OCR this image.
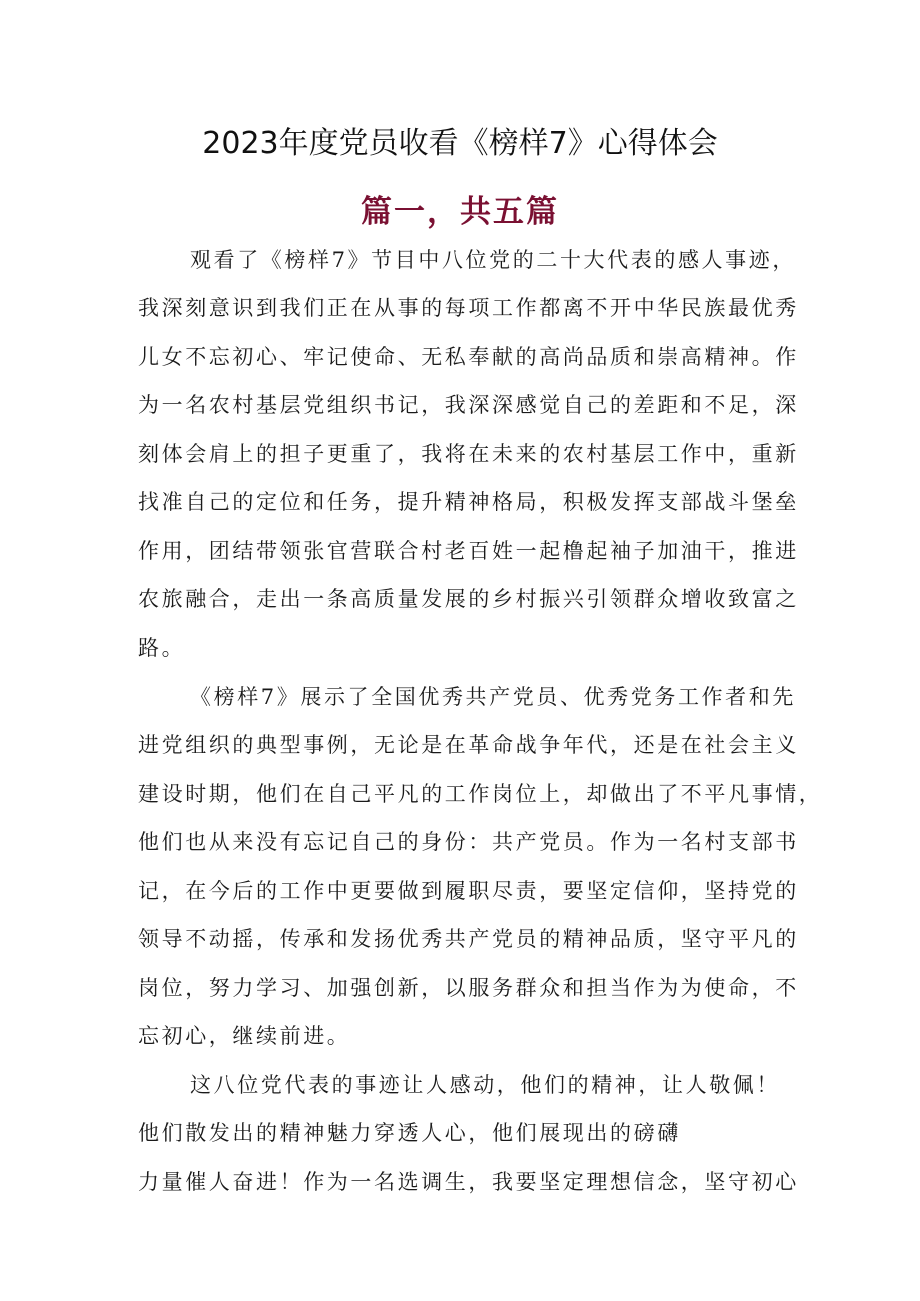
2023年度党员收看《榜样7》心得体会
篇一，共五篇

观看了《榜样7》节目中八位党的二十大代表的感人事迹，

我深刻意识到我们正在从事的每项工作都离不开中华民族最优秀

儿女不忘初心、牢记使命、无私奉献的高尚品质和崇高精神。作

为一名农村基层党组织书记，我深深感觉自己的差距和不足，深

刻体会肩上的担子更重了，我将在未来的农村基层工作中，重新

找准自己的定位和任务，提升精神格局，积极发挥支部战斗堡垒

作用，团结带领张官营联合村老百姓一起橹起袖子加油干，推进

农旅融合，走出一条高质量发展的乡村振兴引领群众增收致富之

路。

《榜样7》展示了全国优秀共产党员、优秀党务工作者和先

进党组织的典型事例，无论是在革命战争年代，还是在社会主义

建设时期，他们在自己平凡的工作岗位上，却做出了不平凡事情，

他们也从来没有忘记自己的身份：共产党员。作为一名村支部书

记，在今后的工作中更要做到履职尽责，要坚定信仰，坚持党的

领导不动摇，传承和发扬优秀共产党员的精神品质，坚守平凡的

岗位，努力学习、加强创新，以服务群众和担当作为为使命，不

忘初心，继续前进。

这八位党代表的事迹让人感动，他们的精神，让人敬佩！

他们散发出的精神魅力穿透人心，他们展现出的磅礴

力量催人奋进！作为一名选调生，我要坚定理想信念，坚守初心
